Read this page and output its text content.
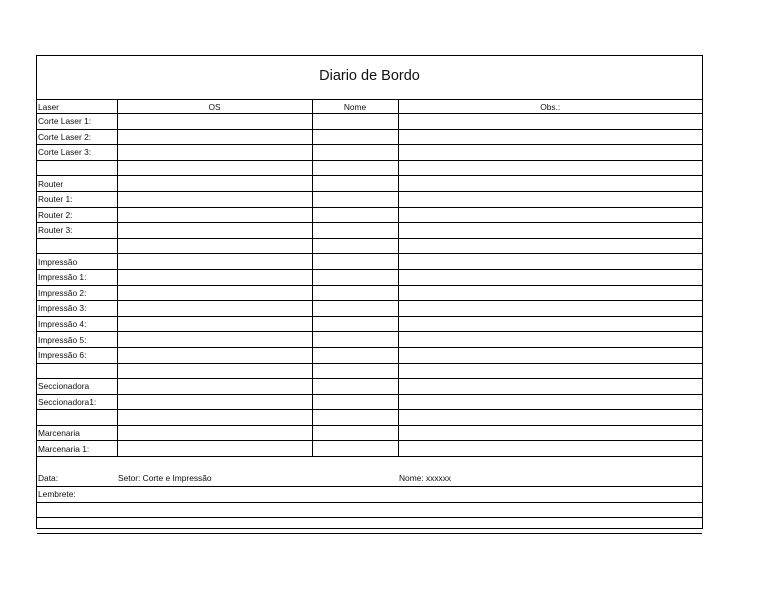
Diario de Bordo
Laser	OS	Nome	Obs.:
Corte Laser 1:			
Corte Laser 2:			
Corte Laser 3:			

Router			
Router 1:			
Router 2:			
Router 3:			

Impressão			
Impressão 1:			
Impressão 2:			
Impressão 3:			
Impressão 4:			
Impressão 5:			
Impressão 6:			

Seccionadora			
Seccionadora1:			

Marcenaria			
Marcenaria 1:			
Data:	Setor: Corte e Impressão		Nome: xxxxxx
Lembrete:			
